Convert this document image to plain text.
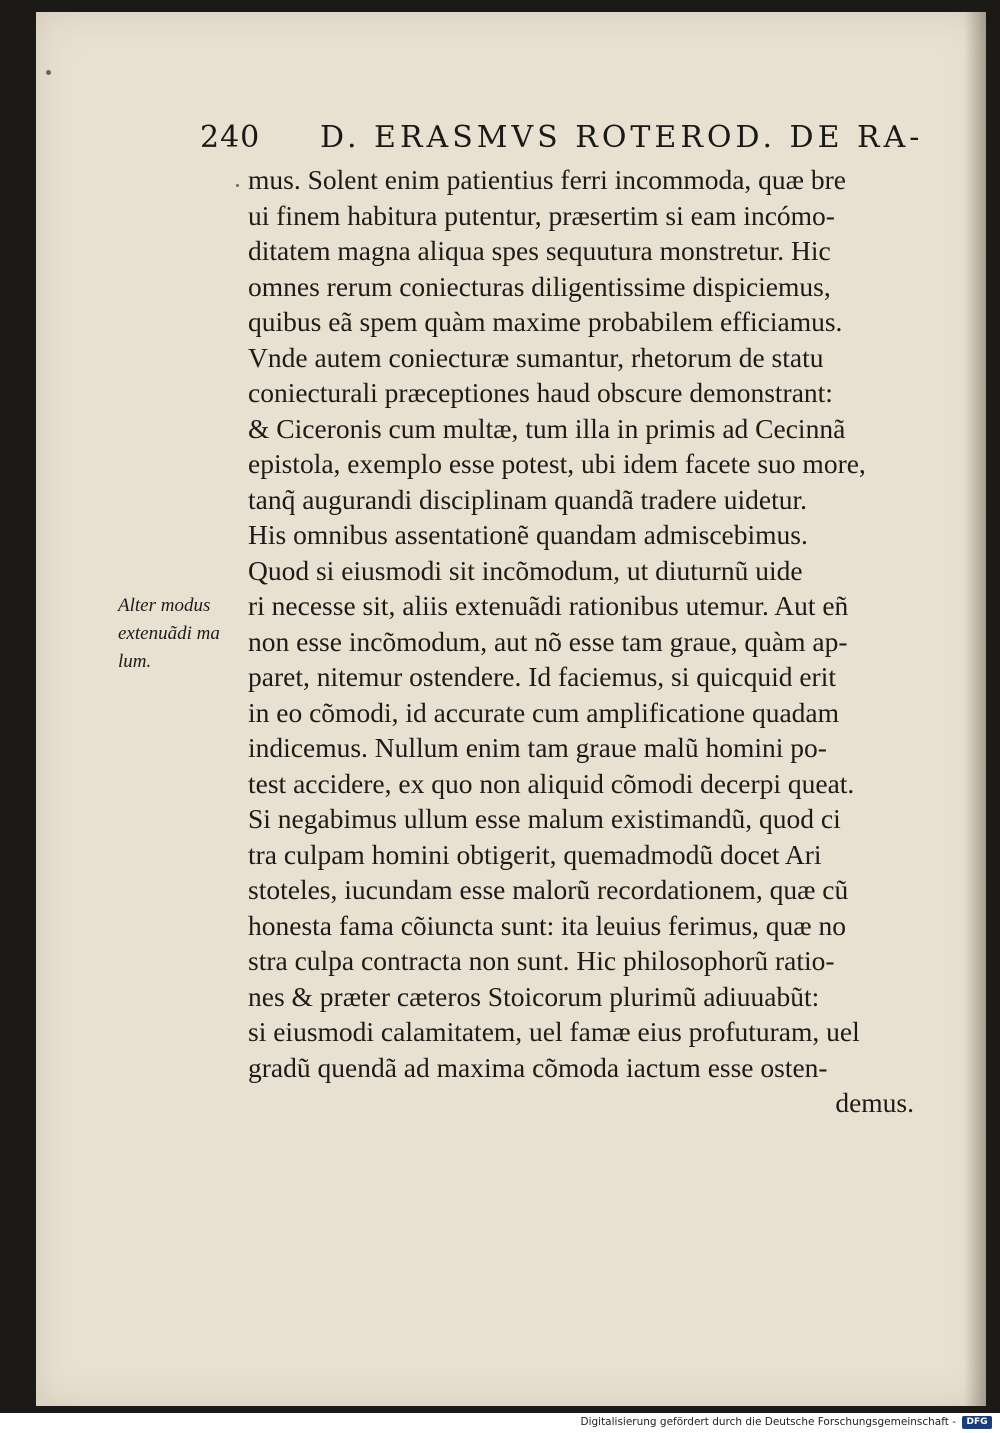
240 D. ERASMVS ROTEROD. DE RA-
Alter modus
extenuãdi ma
lum.
mus. Solent enim patientius ferri incommoda, quæ bre
ui finem habitura putentur, præsertim si eam incómo-
ditatem magna aliqua spes sequutura monstretur. Hic
omnes rerum coniecturas diligentissime dispiciemus,
quibus eã spem quàm maxime probabilem efficiamus.
Vnde autem coniecturæ sumantur, rhetorum de statu
coniecturali præceptiones haud obscure demonstrant:
& Ciceronis cum multæ, tum illa in primis ad Cecinnã
epistola, exemplo esse potest, ubi idem facete suo more,
tanq̃ augurandi disciplinam quandã tradere uidetur.
His omnibus assentationẽ quandam admiscebimus.
Quod si eiusmodi sit incõmodum, ut diuturnũ uide
ri necesse sit, aliis extenuãdi rationibus utemur. Aut eñ
non esse incõmodum, aut nõ esse tam graue, quàm ap-
paret, nitemur ostendere. Id faciemus, si quicquid erit
in eo cõmodi, id accurate cum amplificatione quadam
indicemus. Nullum enim tam graue malũ homini po-
test accidere, ex quo non aliquid cõmodi decerpi queat.
Si negabimus ullum esse malum existimandũ, quod ci
tra culpam homini obtigerit, quemadmodũ docet Ari
stoteles, iucundam esse malorũ recordationem, quæ cũ
honesta fama cõiuncta sunt: ita leuius ferimus, quæ no
stra culpa contracta non sunt. Hic philosophorũ ratio-
nes & præter cæteros Stoicorum plurimũ adiuuabũt:
si eiusmodi calamitatem, uel famæ eius profuturam, uel
gradũ quendã ad maxima cõmoda iactum esse osten-
demus.
Digitalisierung gefördert durch die Deutsche Forschungsgemeinschaft -	DFG
